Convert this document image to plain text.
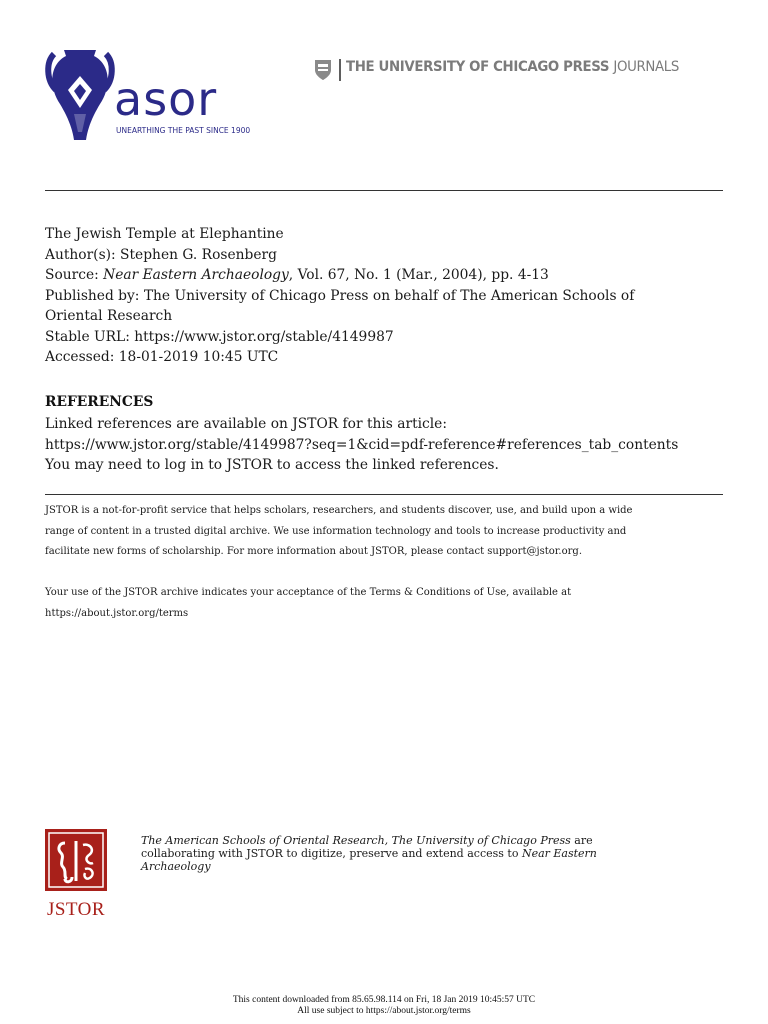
asor
UNEARTHING THE PAST SINCE 1900
THE UNIVERSITY OF CHICAGO PRESS JOURNALS
The Jewish Temple at Elephantine
Author(s): Stephen G. Rosenberg
Source: Near Eastern Archaeology, Vol. 67, No. 1 (Mar., 2004), pp. 4-13
Published by: The University of Chicago Press on behalf of The American Schools of
Oriental Research
Stable URL: https://www.jstor.org/stable/4149987
Accessed: 18-01-2019 10:45 UTC
REFERENCES
Linked references are available on JSTOR for this article:
https://www.jstor.org/stable/4149987?seq=1&cid=pdf-reference#references_tab_contents
You may need to log in to JSTOR to access the linked references.
JSTOR is a not-for-profit service that helps scholars, researchers, and students discover, use, and build upon a wide
range of content in a trusted digital archive. We use information technology and tools to increase productivity and
facilitate new forms of scholarship. For more information about JSTOR, please contact support@jstor.org.
Your use of the JSTOR archive indicates your acceptance of the Terms & Conditions of Use, available at
https://about.jstor.org/terms
JSTOR
The American Schools of Oriental Research, The University of Chicago Press are
collaborating with JSTOR to digitize, preserve and extend access to Near Eastern
Archaeology
This content downloaded from 85.65.98.114 on Fri, 18 Jan 2019 10:45:57 UTC
All use subject to https://about.jstor.org/terms
